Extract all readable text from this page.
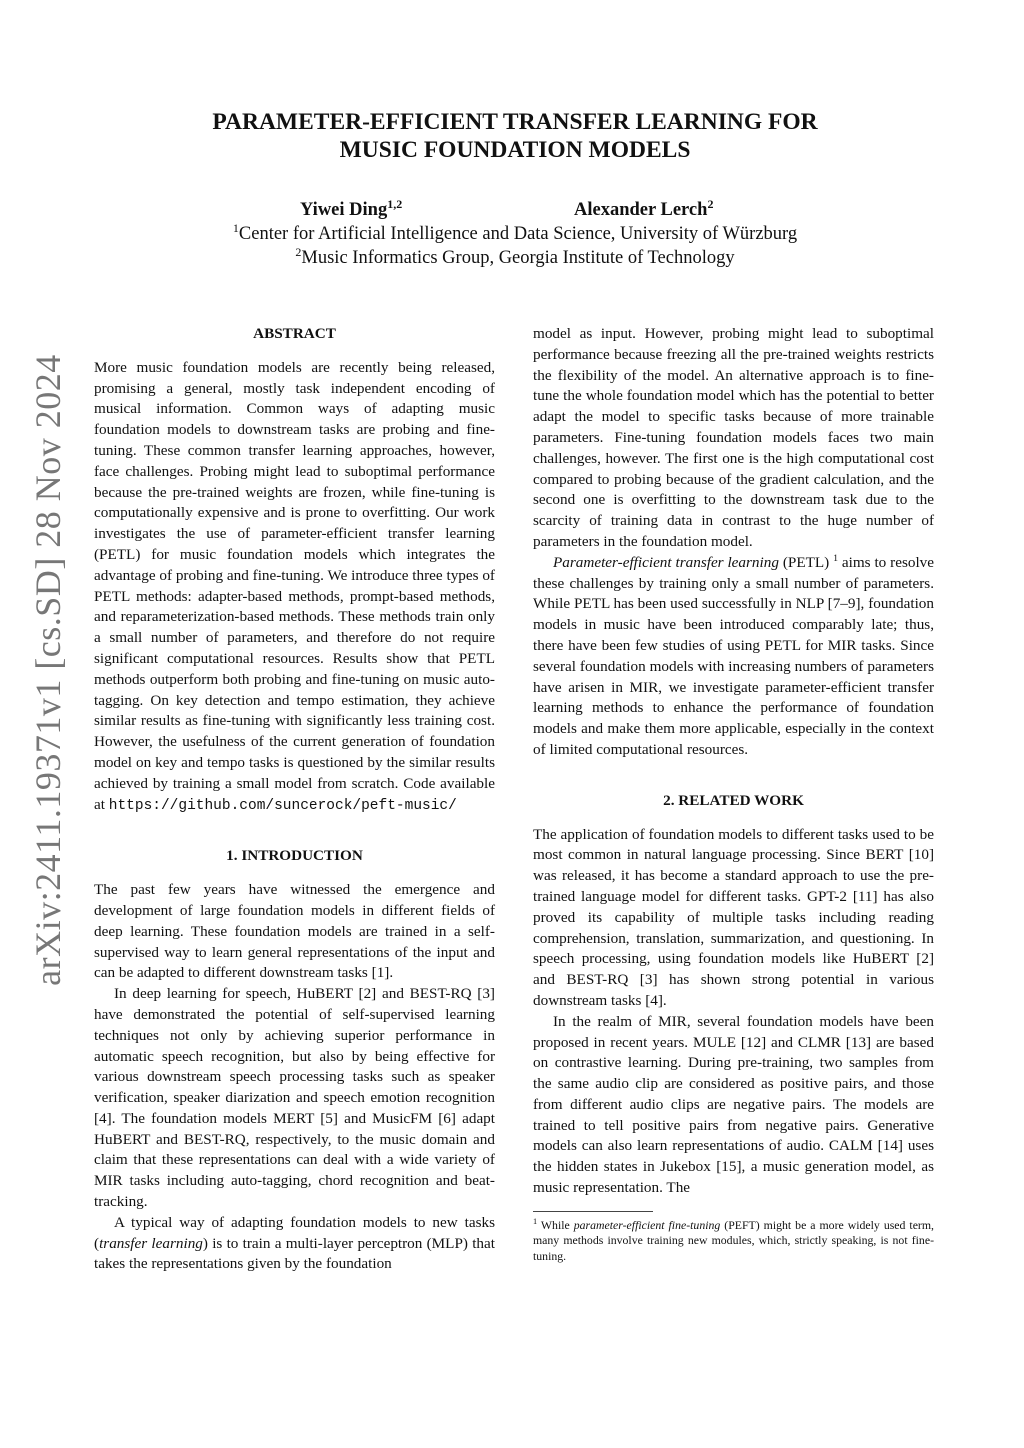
arXiv:2411.19371v1 [cs.SD] 28 Nov 2024
PARAMETER-EFFICIENT TRANSFER LEARNING FOR
MUSIC FOUNDATION MODELS
Yiwei Ding$^{1,2}$	Alexander Lerch$^2$
$^1$Center for Artificial Intelligence and Data Science, University of Würzburg
$^2$Music Informatics Group, Georgia Institute of Technology
ABSTRACT

More music foundation models are recently being released, promising a general, mostly task independent encoding of musical information. Common ways of adapting music foundation models to downstream tasks are probing and fine-tuning. These common transfer learning approaches, however, face challenges. Probing might lead to suboptimal performance because the pre-trained weights are frozen, while fine-tuning is computationally expensive and is prone to overfitting. Our work investigates the use of parameter-efficient transfer learning (PETL) for music foundation models which integrates the advantage of probing and fine-tuning. We introduce three types of PETL methods: adapter-based methods, prompt-based methods, and reparameterization-based methods. These methods train only a small number of parameters, and therefore do not require significant computational resources. Results show that PETL methods outperform both probing and fine-tuning on music auto-tagging. On key detection and tempo estimation, they achieve similar results as fine-tuning with significantly less training cost. However, the usefulness of the current generation of foundation model on key and tempo tasks is questioned by the similar results achieved by training a small model from scratch. Code available at https://github.com/suncerock/peft-music/

1. INTRODUCTION

The past few years have witnessed the emergence and development of large foundation models in different fields of deep learning. These foundation models are trained in a self-supervised way to learn general representations of the input and can be adapted to different downstream tasks [1].

In deep learning for speech, HuBERT [2] and BEST-RQ [3] have demonstrated the potential of self-supervised learning techniques not only by achieving superior performance in automatic speech recognition, but also by being effective for various downstream speech processing tasks such as speaker verification, speaker diarization and speech emotion recognition [4]. The foundation models MERT [5] and MusicFM [6] adapt HuBERT and BEST-RQ, respectively, to the music domain and claim that these representations can deal with a wide variety of MIR tasks including auto-tagging, chord recognition and beat-tracking.

A typical way of adapting foundation models to new tasks (transfer learning) is to train a multi-layer perceptron (MLP) that takes the representations given by the foundation

model as input. However, probing might lead to suboptimal performance because freezing all the pre-trained weights restricts the flexibility of the model. An alternative approach is to fine-tune the whole foundation model which has the potential to better adapt the model to specific tasks because of more trainable parameters. Fine-tuning foundation models faces two main challenges, however. The first one is the high computational cost compared to probing because of the gradient calculation, and the second one is overfitting to the downstream task due to the scarcity of training data in contrast to the huge number of parameters in the foundation model.

Parameter-efficient transfer learning (PETL) $^1$ aims to resolve these challenges by training only a small number of parameters. While PETL has been used successfully in NLP [7–9], foundation models in music have been introduced comparably late; thus, there have been few studies of using PETL for MIR tasks. Since several foundation models with increasing numbers of parameters have arisen in MIR, we investigate parameter-efficient transfer learning methods to enhance the performance of foundation models and make them more applicable, especially in the context of limited computational resources.

2. RELATED WORK

The application of foundation models to different tasks used to be most common in natural language processing. Since BERT [10] was released, it has become a standard approach to use the pre-trained language model for different tasks. GPT-2 [11] has also proved its capability of multiple tasks including reading comprehension, translation, summarization, and questioning. In speech processing, using foundation models like HuBERT [2] and BEST-RQ [3] has shown strong potential in various downstream tasks [4].

In the realm of MIR, several foundation models have been proposed in recent years. MULE [12] and CLMR [13] are based on contrastive learning. During pre-training, two samples from the same audio clip are considered as positive pairs, and those from different audio clips are negative pairs. The models are trained to tell positive pairs from negative pairs. Generative models can also learn representations of audio. CALM [14] uses the hidden states in Jukebox [15], a music generation model, as music representation. The

$^1$ While parameter-efficient fine-tuning (PEFT) might be a more widely used term, many methods involve training new modules, which, strictly speaking, is not fine-tuning.
